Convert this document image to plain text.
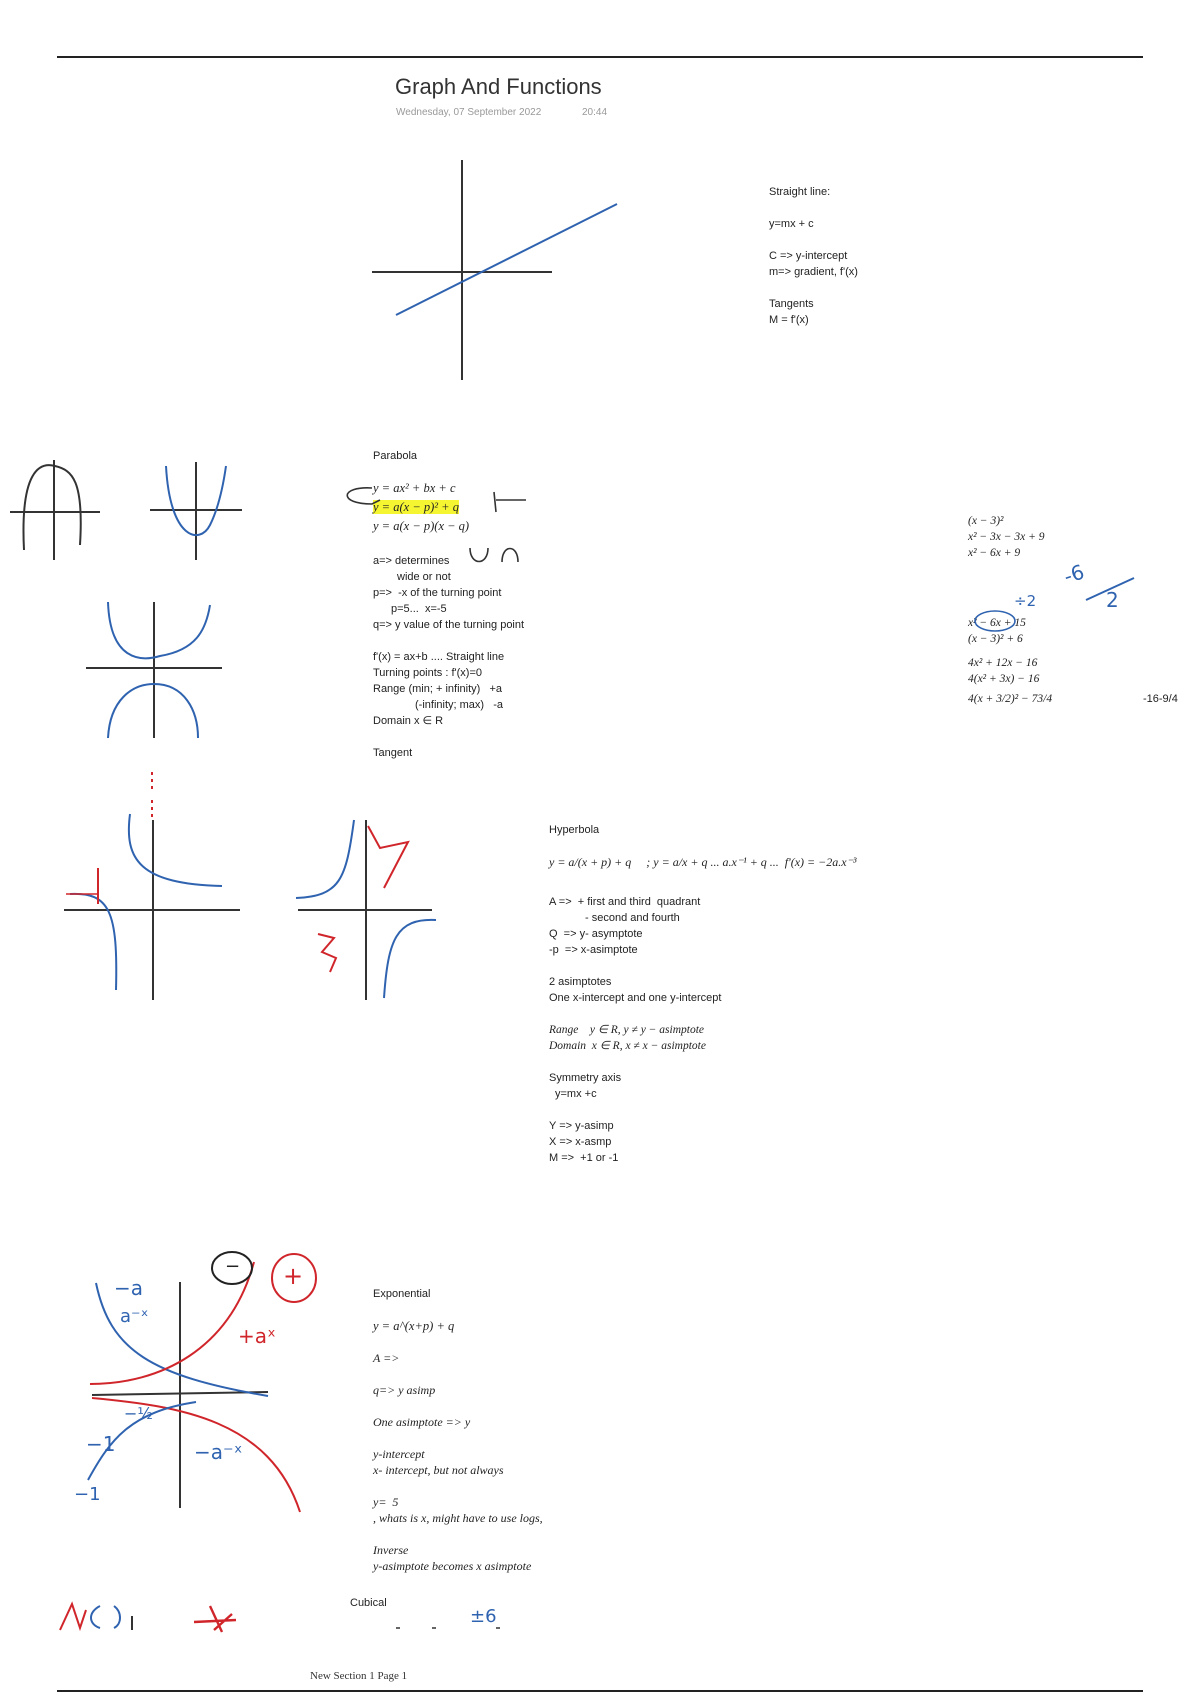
Graph And Functions
Wednesday, 07 September 2022	20:44
Straight line:
y=mx + c
C => y-intercept
m=> gradient, f'(x)
Tangents
M = f'(x)
Parabola
y = ax² + bx + c
y = a(x − p)² + q
y = a(x − p)(x − q)
a=> determines
wide or not
p=>  -x of the turning point
p=5...  x=-5
q=> y value of the turning point
f'(x) = ax+b .... Straight line
Turning points : f'(x)=0
Range (min; + infinity)   +a
(-infinity; max)   -a
Domain x ∈ R
Tangent
(x − 3)²
x² − 3x − 3x + 9
x² − 6x + 9
x² − 6x + 15
(x − 3)² + 6
4x² + 12x − 16
4(x² + 3x) − 16
4(x + 3/2)² − 73/4	-16-9/4
-6
2
÷2
Hyperbola
y = a/(x + p) + q     ; y = a/x + q ... a.x⁻¹ + q ...  f'(x) = −2a.x⁻³
A =>  + first and third  quadrant
- second and fourth
Q  => y- asymptote
-p  => x-asimptote
2 asimptotes
One x-intercept and one y-intercept
Range    y ∈ R, y ≠ y − asimptote
Domain  x ∈ R, x ≠ x − asimptote
Symmetry axis
y=mx +c
Y => y-asimp
X => x-asmp
M =>  +1 or -1
−a
a⁻ˣ
+aˣ
− +
−a⁻ˣ
−½
−1
−1
Exponential
y = a^(x+p) + q
A =>
q=> y asimp
One asimptote => y
y-intercept
x- intercept, but not always
y=  5
, whats is x, might have to use logs,
Inverse
y-asimptote becomes x asimptote
Cubical
±6
New Section 1 Page 1
